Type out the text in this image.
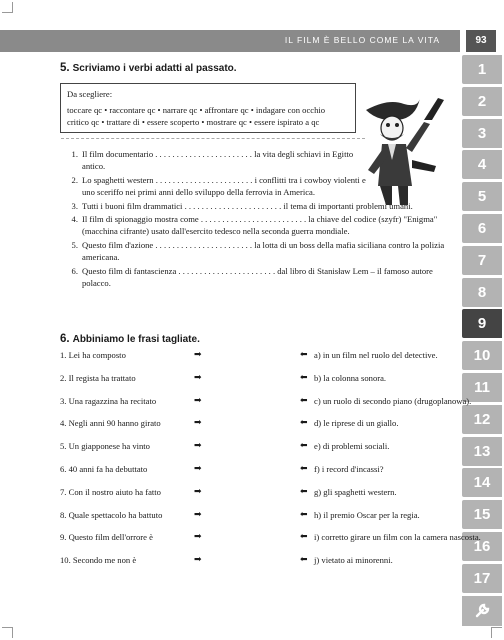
IL FILM È BELLO COME LA VITA	93
1
2
3
4
5
6
7
8
9
10
11
12
13
14
15
16
17
5. Scriviamo i verbi adatti al passato.
Da scegliere:
toccare qc • raccontare qc • narrare qc • affrontare qc • indagare con occhio critico qc • trattare di • essere scoperto • mostrare qc • essere ispirato a qc
1. Il film documentario . . . . . . . . . . . . . . . . . . . . . . . la vita degli schiavi in Egitto antico.
2. Lo spaghetti western . . . . . . . . . . . . . . . . . . . . . . . i conflitti tra i cowboy violenti e uno sceriffo nei primi anni dello sviluppo della ferrovia in America.
3. Tutti i buoni film drammatici . . . . . . . . . . . . . . . . . . . . . . . il tema di importanti problemi umani.
4. Il film di spionaggio mostra come . . . . . . . . . . . . . . . . . . . . . . . . . la chiave del codice (szyfr) "Enigma" (macchina cifrante) usato dall'esercito tedesco nella seconda guerra mondiale.
5. Questo film d'azione . . . . . . . . . . . . . . . . . . . . . . . la lotta di un boss della mafia siciliana contro la polizia americana.
6. Questo film di fantascienza . . . . . . . . . . . . . . . . . . . . . . . dal libro di Stanisław Lem – il famoso autore polacco.
6. Abbiniamo le frasi tagliate.
1. Lei ha composto	➡	⬅ a) in un film nel ruolo del detective.
2. Il regista ha trattato	➡	⬅ b) la colonna sonora.
3. Una ragazzina ha recitato	➡	⬅ c) un ruolo di secondo piano (drugoplanowa).
4. Negli anni 90 hanno girato	➡	⬅ d) le riprese di un giallo.
5. Un giapponese ha vinto	➡	⬅ e) di problemi sociali.
6. 40 anni fa ha debuttato	➡	⬅ f) i record d'incassi?
7. Con il nostro aiuto ha fatto	➡	⬅ g) gli spaghetti western.
8. Quale spettacolo ha battuto	➡	⬅ h) il premio Oscar per la regia.
9. Questo film dell'orrore è	➡	⬅ i) corretto girare un film con la camera nascosta.
10. Secondo me non è	➡	⬅ j) vietato ai minorenni.
